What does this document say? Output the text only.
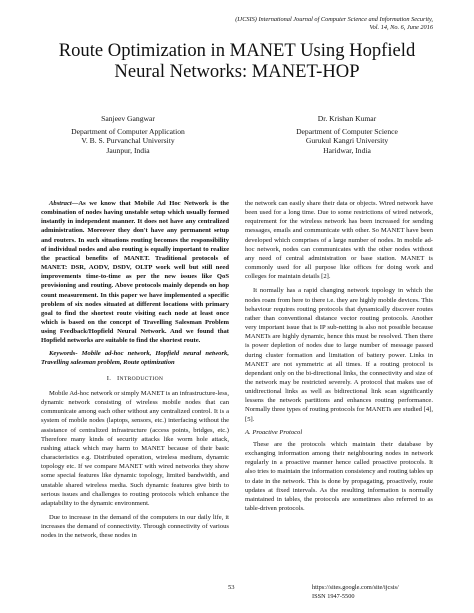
(IJCSIS) International Journal of Computer Science and Information Security,
Vol. 14, No. 6, June 2016
Route Optimization in MANET Using Hopfield
Neural Networks: MANET-HOP
Sanjeev Gangwar
Department of Computer Application
V. B. S. Purvanchal University
Jaunpur, India
Dr. Krishan Kumar
Department of Computer Science
Gurukul Kangri University
Haridwar, India

Abstract—As we know that Mobile Ad Hoc Network is the combination of nodes having unstable setup which usually formed instantly in independent manner. It does not have any centralized administration. Moreover they don't have any permanent setup and routers. In such situations routing becomes the responsibility of individual nodes and also routing is equally important to realize the practical benefits of MANET. Traditional protocols of MANET: DSR, AODV, DSDV, OLTP work well but still need improvements time-to-time as per the new issues like QoS provisioning and routing. Above protocols mainly depends on hop count measurement. In this paper we have implemented a specific problem of six nodes situated at different locations with primary goal to find the shortest route visiting each node at least once which is based on the concept of Travelling Salesman Problem using Feedback/Hopfield Neural Network. And we found that Hopfield networks are suitable to find the shortest route.

Keywords- Mobile ad-hoc network, Hopfield neural network, Travelling salesman problem, Route optimization

I. INTRODUCTION

Mobile Ad-hoc network or simply MANET is an infrastructure-less, dynamic network consisting of wireless mobile nodes that can communicate among each other without any centralized control. It is a system of mobile nodes (laptops, sensors, etc.) interfacing without the assistance of centralized infrastructure (access points, bridges, etc.) Therefore many kinds of security attacks like worm hole attack, rushing attack which may harm to MANET because of their basic characteristics e.g. Distributed operation, wireless medium, dynamic topology etc. If we compare MANET with wired networks they show some special features like dynamic topology, limited bandwidth, and unstable shared wireless media. Such dynamic features give birth to serious issues and challenges to routing protocols which enhance the adaptability to the dynamic environment.

Due to increase in the demand of the computers in our daily life, it increases the demand of connectivity. Through connectivity of various nodes in the network, these nodes in

the network can easily share their data or objects. Wired network have been used for a long time. Due to some restrictions of wired network, requirement for the wireless network has been increased for sending messages, emails and communicate with other. So MANET have been developed which comprises of a large number of nodes. In mobile ad-hoc network, nodes can communicates with the other nodes without any need of central administration or base station. MANET is commonly used for all purpose like offices for doing work and colleges for maintain details [2].

It normally has a rapid changing network topology in which the nodes roam from here to there i.e. they are highly mobile devices. This behaviour requires routing protocols that dynamically discover routes rather than conventional distance vector routing protocols. Another very important issue that is IP sub-netting is also not possible because MANETs are highly dynamic, hence this must be resolved. Then there is power depletion of nodes due to large number of message passed during cluster formation and limitation of battery power. Links in MANET are not symmetric at all times. If a routing protocol is dependant only on the bi-directional links, the connectivity and size of the network may be restricted severely. A protocol that makes use of unidirectional links as well as bidirectional link scan significantly lessens the network partitions and enhances routing performance. Normally three types of routing protocols for MANETs are studied [4],[5].

A. Proactive Protocol

These are the protocols which maintain their database by exchanging information among their neighbouring nodes in network regularly in a proactive manner hence called proactive protocols. It also tries to maintain the information consistency and routing tables up to date in the network. This is done by propagating, proactively, route updates at fixed intervals. As the resulting information is normally maintained in tables, the protocols are sometimes also referred to as table-driven protocols.

53	https://sites.google.com/site/ijcsis/
ISSN 1947-5500
